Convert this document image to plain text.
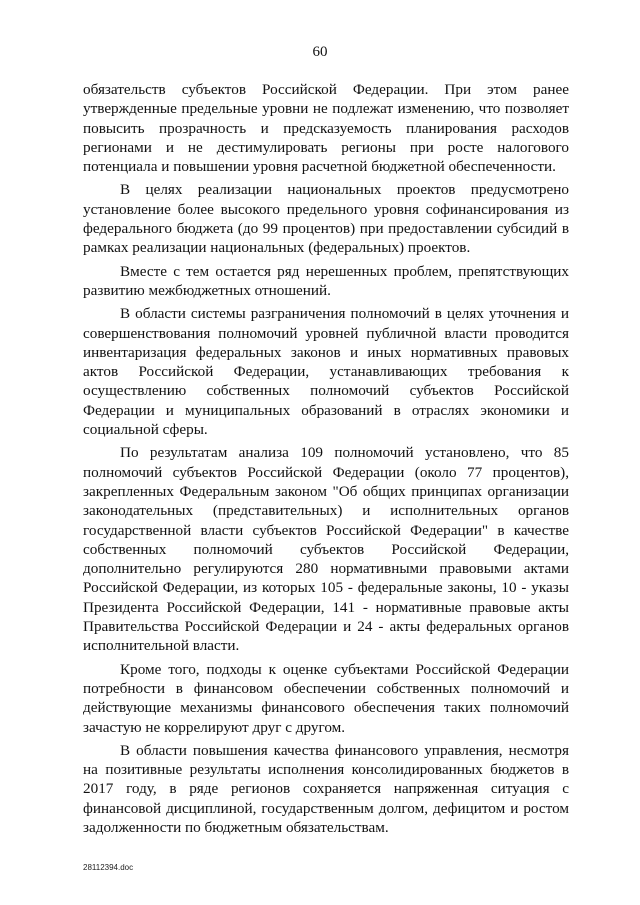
60

обязательств субъектов Российской Федерации. При этом ранее утвержденные предельные уровни не подлежат изменению, что позволяет повысить прозрачность и предсказуемость планирования расходов регионами и не дестимулировать регионы при росте налогового потенциала и повышении уровня расчетной бюджетной обеспеченности.

В целях реализации национальных проектов предусмотрено установление более высокого предельного уровня софинансирования из федерального бюджета (до 99 процентов) при предоставлении субсидий в рамках реализации национальных (федеральных) проектов.

Вместе с тем остается ряд нерешенных проблем, препятствующих развитию межбюджетных отношений.

В области системы разграничения полномочий в целях уточнения и совершенствования полномочий уровней публичной власти проводится инвентаризация федеральных законов и иных нормативных правовых актов Российской Федерации, устанавливающих требования к осуществлению собственных полномочий субъектов Российской Федерации и муниципальных образований в отраслях экономики и социальной сферы.

По результатам анализа 109 полномочий установлено, что 85 полномочий субъектов Российской Федерации (около 77 процентов), закрепленных Федеральным законом "Об общих принципах организации законодательных (представительных) и исполнительных органов государственной власти субъектов Российской Федерации" в качестве собственных полномочий субъектов Российской Федерации, дополнительно регулируются 280 нормативными правовыми актами Российской Федерации, из которых 105 - федеральные законы, 10 - указы Президента Российской Федерации, 141 - нормативные правовые акты Правительства Российской Федерации и 24 - акты федеральных органов исполнительной власти.

Кроме того, подходы к оценке субъектами Российской Федерации потребности в финансовом обеспечении собственных полномочий и действующие механизмы финансового обеспечения таких полномочий зачастую не коррелируют друг с другом.

В области повышения качества финансового управления, несмотря на позитивные результаты исполнения консолидированных бюджетов в 2017 году, в ряде регионов сохраняется напряженная ситуация с финансовой дисциплиной, государственным долгом, дефицитом и ростом задолженности по бюджетным обязательствам.

28112394.doc
